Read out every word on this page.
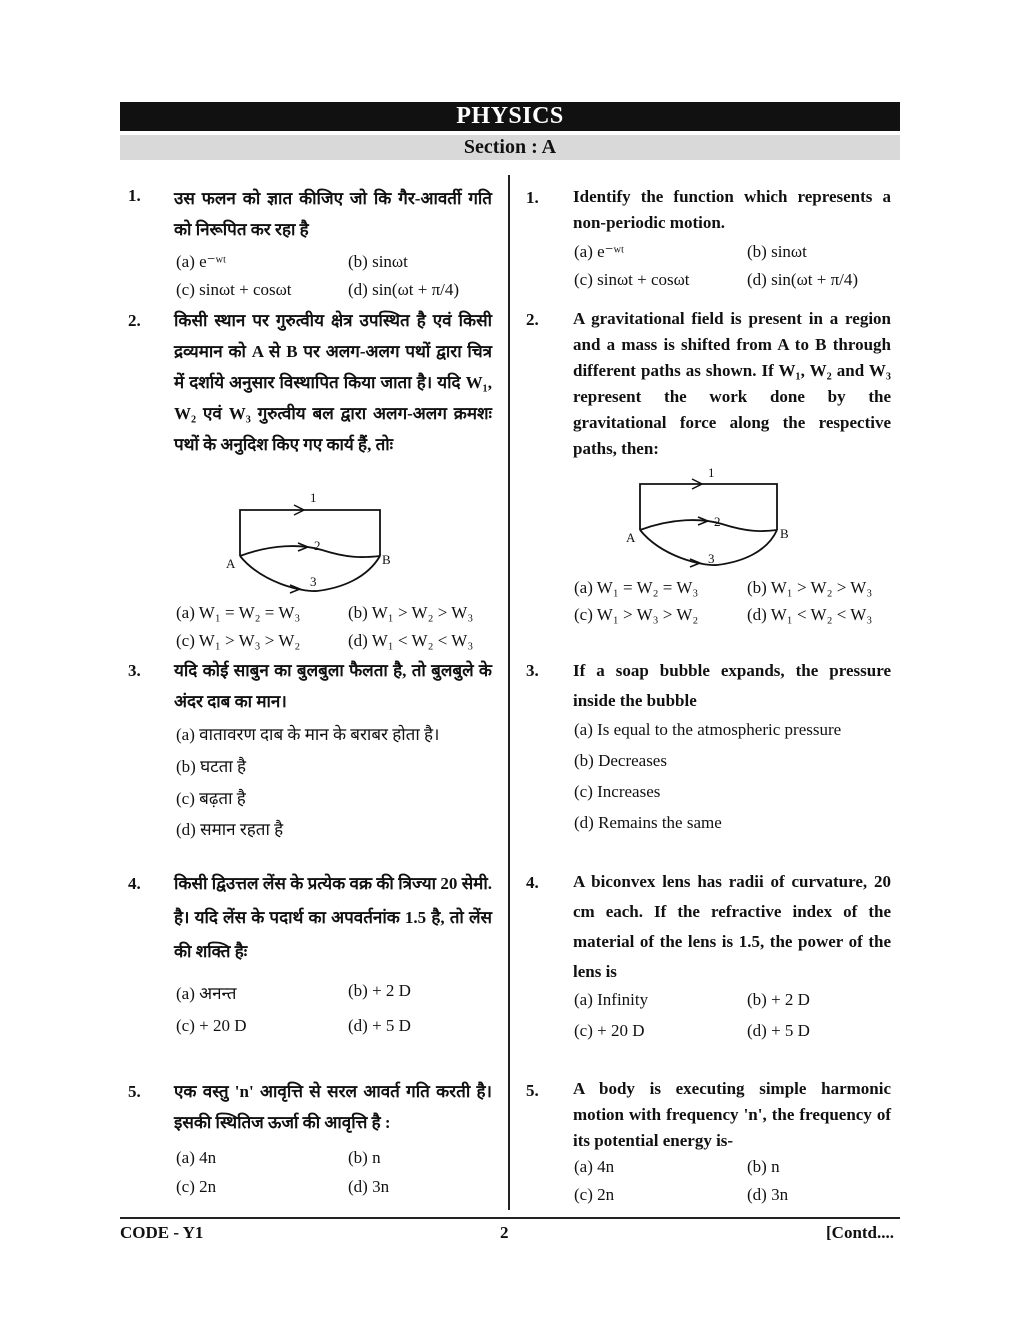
PHYSICS
Section : A
1. उस फलन को ज्ञात कीजिए जो कि गैर-आवर्ती गति को निरूपित कर रहा है
(a) e⁻ʷᵗ	(b) sinωt
(c) sinωt + cosωt	(d) sin(ωt + π/4)
2. किसी स्थान पर गुरुत्वीय क्षेत्र उपस्थित है एवं किसी द्रव्यमान को A से B पर अलग-अलग पथों द्वारा चित्र में दर्शाये अनुसार विस्थापित किया जाता है। यदि W₁, W₂ एवं W₃ गुरुत्वीय बल द्वारा अलग-अलग क्रमशः पथों के अनुदिश किए गए कार्य हैं, तोः
1
2
3
A	B
(a) W₁ = W₂ = W₃	(b) W₁ > W₂ > W₃
(c) W₁ > W₃ > W₂	(d) W₁ < W₂ < W₃
3. यदि कोई साबुन का बुलबुला फैलता है, तो बुलबुले के अंदर दाब का मान।
(a) वातावरण दाब के मान के बराबर होता है।
(b) घटता है
(c) बढ़ता है
(d) समान रहता है
4. किसी द्विउत्तल लेंस के प्रत्येक वक्र की त्रिज्या 20 सेमी. है। यदि लेंस के पदार्थ का अपवर्तनांक 1.5 है, तो लेंस की शक्ति हैः
(a) अनन्त	(b) + 2 D
(c) + 20 D	(d) + 5 D
5. एक वस्तु 'n' आवृत्ति से सरल आवर्त गति करती है। इसकी स्थितिज ऊर्जा की आवृत्ति है :
(a) 4n	(b) n
(c) 2n	(d) 3n
1. Identify the function which represents a non-periodic motion.
(a) e⁻ʷᵗ	(b) sinωt
(c) sinωt + cosωt	(d) sin(ωt + π/4)
2. A gravitational field is present in a region and a mass is shifted from A to B through different paths as shown. If W₁, W₂ and W₃ represent the work done by the gravitational force along the respective paths, then:
1
2
3
A	B
(a) W₁ = W₂ = W₃	(b) W₁ > W₂ > W₃
(c) W₁ > W₃ > W₂	(d) W₁ < W₂ < W₃
3. If a soap bubble expands, the pressure inside the bubble
(a) Is equal to the atmospheric pressure
(b) Decreases
(c) Increases
(d) Remains the same
4. A biconvex lens has radii of curvature, 20 cm each. If the refractive index of the material of the lens is 1.5, the power of the lens is
(a) Infinity	(b) + 2 D
(c) + 20 D	(d) + 5 D
5. A body is executing simple harmonic motion with frequency 'n', the frequency of its potential energy is-
(a) 4n	(b) n
(c) 2n	(d) 3n
CODE - Y1	2	[Contd....
